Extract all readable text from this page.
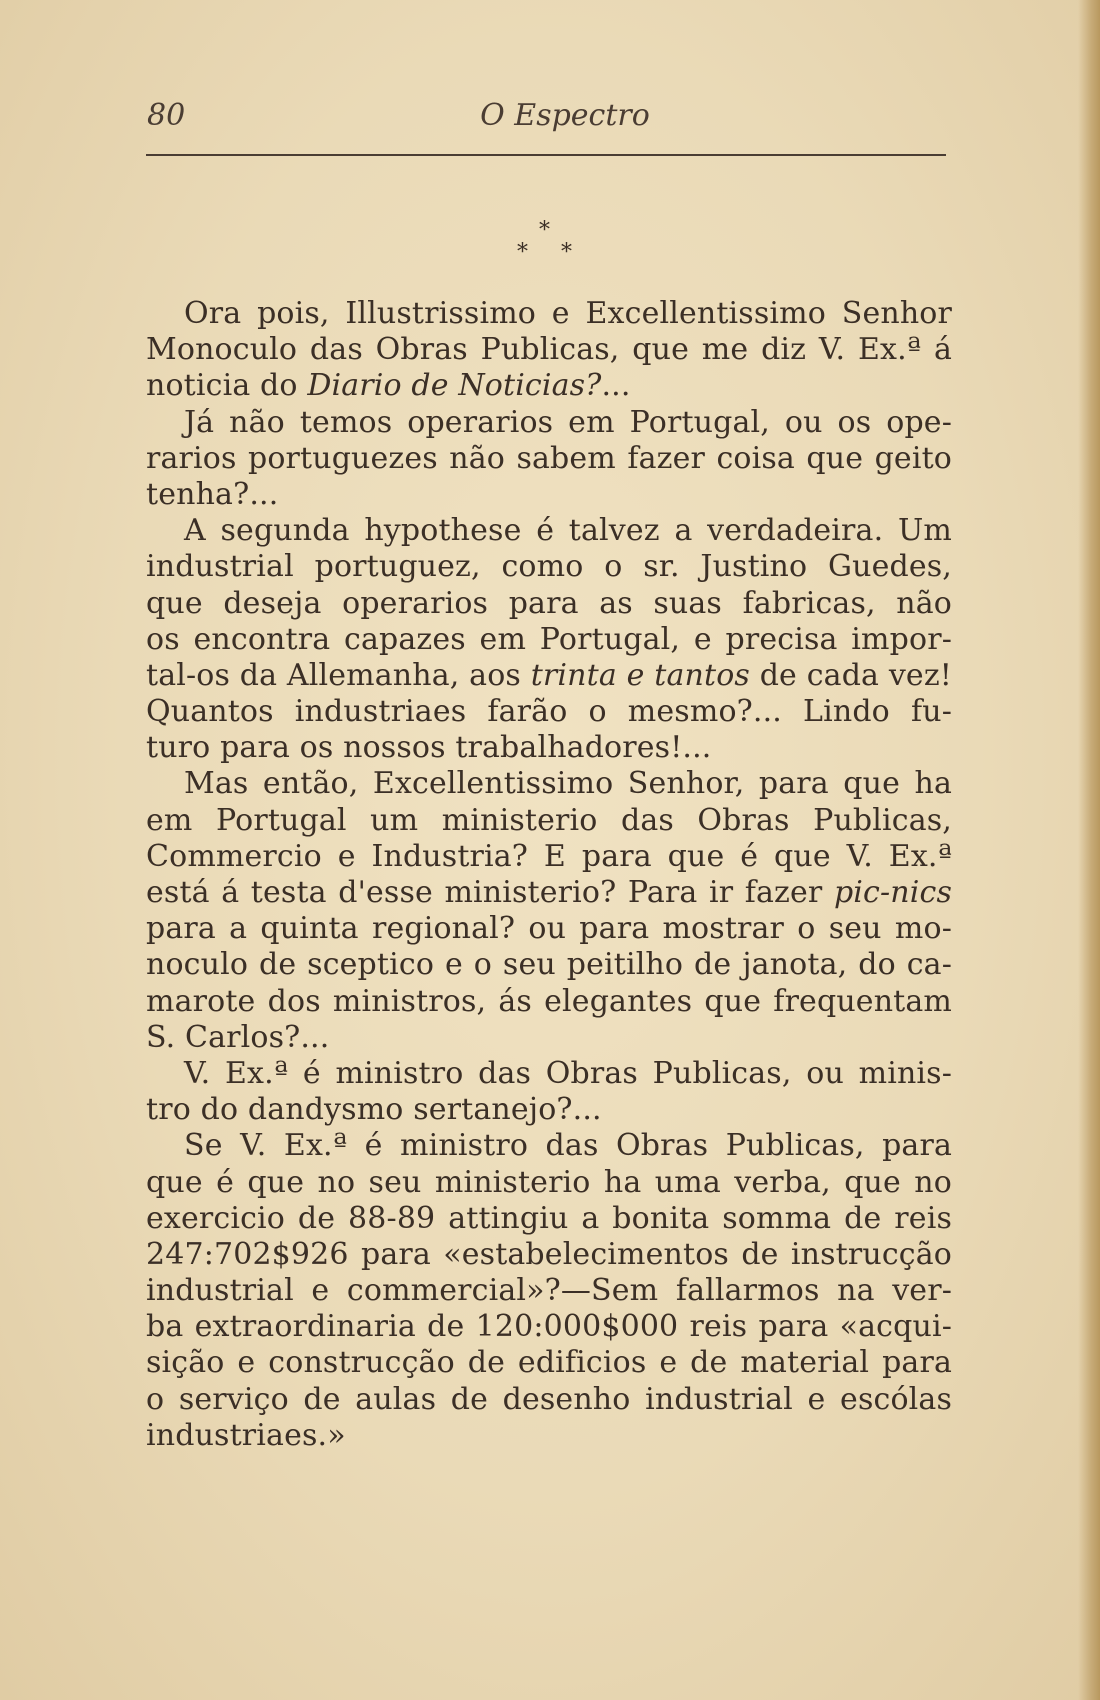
80	O Espectro
*
* *
Ora pois, Illustrissimo e Excellentissimo Senhor
Monoculo das Obras Publicas, que me diz V. Ex.ª á
noticia do Diario de Noticias?...
Já não temos operarios em Portugal, ou os ope-
rarios portuguezes não sabem fazer coisa que geito
tenha?...
A segunda hypothese é talvez a verdadeira. Um
industrial portuguez, como o sr. Justino Guedes,
que deseja operarios para as suas fabricas, não
os encontra capazes em Portugal, e precisa impor-
tal-os da Allemanha, aos trinta e tantos de cada vez!
Quantos industriaes farão o mesmo?... Lindo fu-
turo para os nossos trabalhadores!...
Mas então, Excellentissimo Senhor, para que ha
em Portugal um ministerio das Obras Publicas,
Commercio e Industria? E para que é que V. Ex.ª
está á testa d'esse ministerio? Para ir fazer pic-nics
para a quinta regional? ou para mostrar o seu mo-
noculo de sceptico e o seu peitilho de janota, do ca-
marote dos ministros, ás elegantes que frequentam
S. Carlos?...
V. Ex.ª é ministro das Obras Publicas, ou minis-
tro do dandysmo sertanejo?...
Se V. Ex.ª é ministro das Obras Publicas, para
que é que no seu ministerio ha uma verba, que no
exercicio de 88-89 attingiu a bonita somma de reis
247:702$926 para «estabelecimentos de instrucção
industrial e commercial»?—Sem fallarmos na ver-
ba extraordinaria de 120:000$000 reis para «acqui-
sição e construcção de edificios e de material para
o serviço de aulas de desenho industrial e escólas
industriaes.»
